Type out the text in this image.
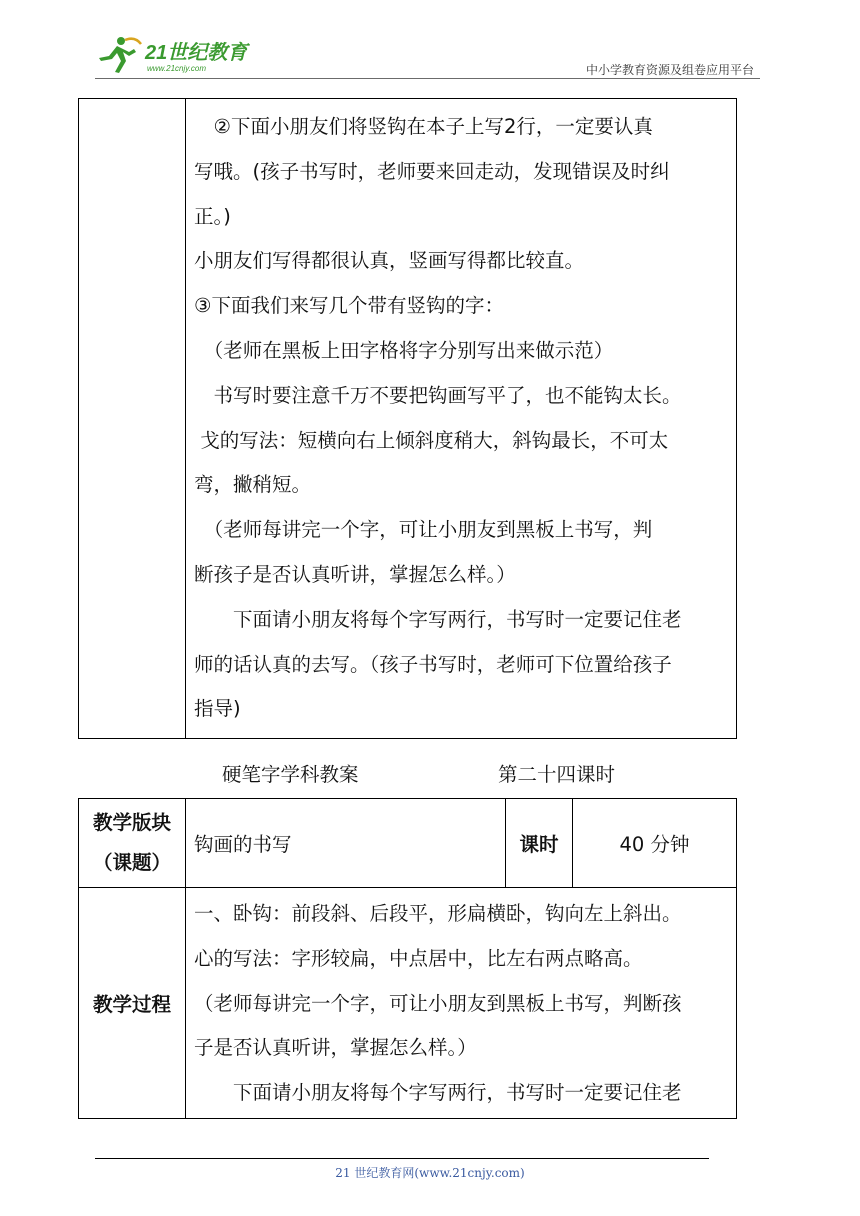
21世纪教育
www.21cnjy.com	中小学教育资源及组卷应用平台

　②下面小朋友们将竖钩在本子上写2行，一定要认真
写哦。(孩子书写时，老师要来回走动，发现错误及时纠
正。)
小朋友们写得都很认真，竖画写得都比较直。
③下面我们来写几个带有竖钩的字：
　（老师在黑板上田字格将字分别写出来做示范）
　书写时要注意千万不要把钩画写平了，也不能钩太长。
戈的写法：短横向右上倾斜度稍大，斜钩最长，不可太
弯，撇稍短。
　（老师每讲完一个字，可让小朋友到黑板上书写，判
断孩子是否认真听讲，掌握怎么样。）
　　下面请小朋友将每个字写两行，书写时一定要记住老
师的话认真的去写。（孩子书写时，老师可下位置给孩子
指导)
硬笔字学科教案	第二十四课时
教学版块
（课题）	钩画的书写	课时	40 分钟
教学过程	一、卧钩：前段斜、后段平，形扁横卧，钩向左上斜出。
心的写法：字形较扁，中点居中，比左右两点略高。
（老师每讲完一个字，可让小朋友到黑板上书写，判断孩
子是否认真听讲，掌握怎么样。）
　　下面请小朋友将每个字写两行，书写时一定要记住老		
21 世纪教育网(www.21cnjy.com)
